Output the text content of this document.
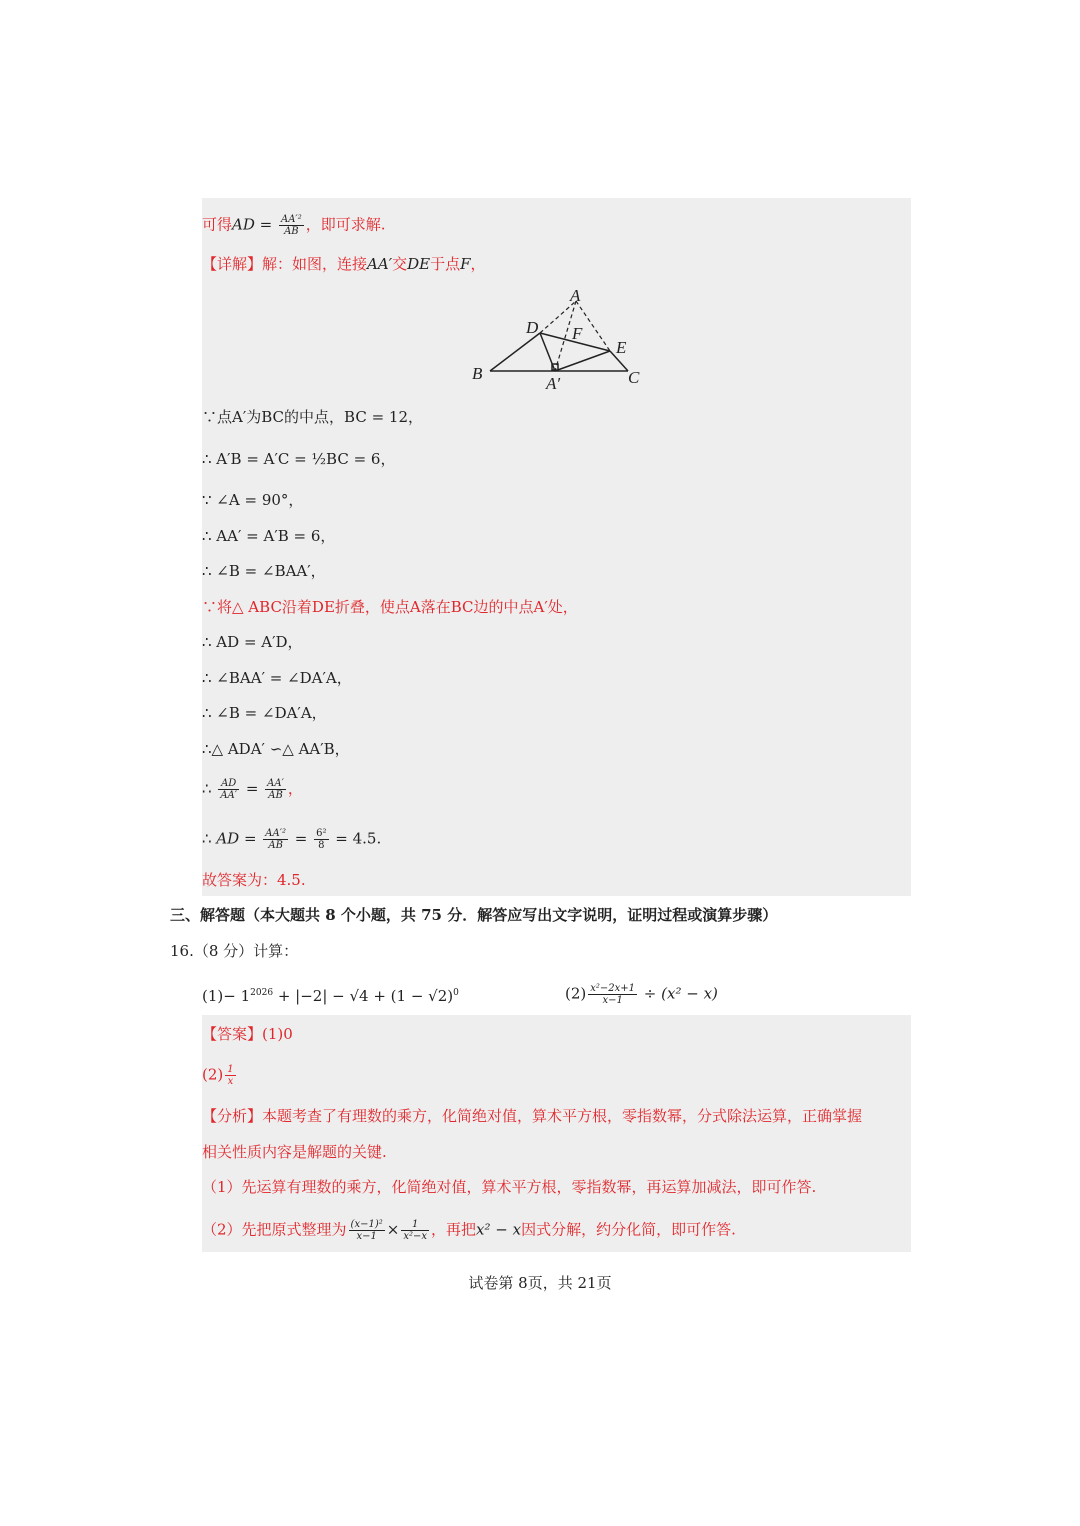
可得AD = $\frac{\text{AA′²}}{AB}$ ，即可求解.
【详解】解：如图，连接AA′交DE于点F，
A
D F
E
B
A′	C
∵点A′为BC的中点，BC = 12，
∴ A′B = A′C = ½BC = 6，
∵ ∠A = 90°，
∴ AA′ = A′B = 6，
∴ ∠B = ∠BAA′，
∵将△ ABC沿着DE折叠，使点A落在BC边的中点A′处，
∴ AD = A′D，
∴ ∠BAA′ = ∠DA′A，
∴ ∠B = ∠DA′A，
∴△ ADA′ ∽△ AA′B，
∴ $\frac{AD}{AA'} = \frac{AA'}{AB}$ ，
∴ AD = $\frac{\text{AA′²}}{AB} = \frac{\text{6²}}{8} = 4.5$.
故答案为：4.5.
三、解答题（本大题共 8 个小题，共 75 分．解答应写出文字说明，证明过程或演算步骤）
16.（8 分）计算：
$(1)- 1^{2026} + |-2| - √4 + (1 - √2)^0$	$(2) \frac{\text{x²−2x+1}}{x-1} \div (x^2 - x)$
【答案】(1)0
$(2) \frac{1}{x}$
【分析】本题考查了有理数的乘方，化简绝对值，算术平方根，零指数幂，分式除法运算，正确掌握
相关性质内容是解题的关键.
（1）先运算有理数的乘方，化简绝对值，算术平方根，零指数幂，再运算加减法，即可作答.
（2）先把原式整理为 $\frac{\text{(x−1)²}}{x-1} \times \frac{1}{\text{x²−x}}$ ，再把x² − x因式分解，约分化简，即可作答.
试卷第 8页，共 21页
